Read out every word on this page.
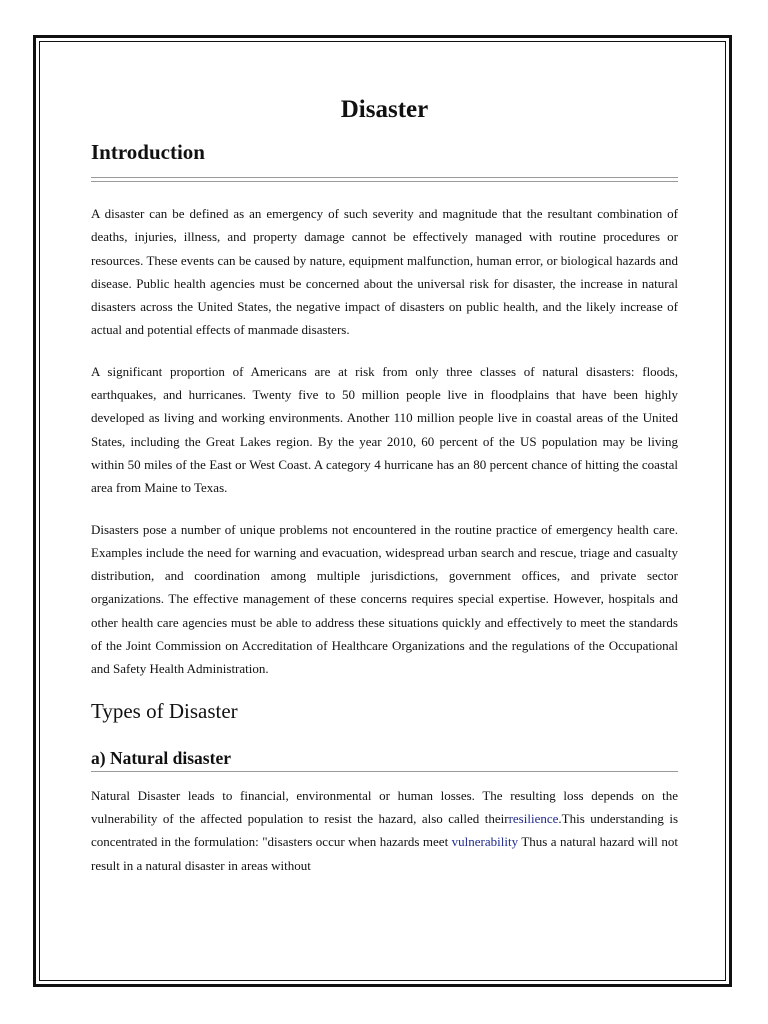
Disaster
Introduction

A disaster can be defined as an emergency of such severity and magnitude that the resultant combination of deaths, injuries, illness, and property damage cannot be effectively managed with routine procedures or resources. These events can be caused by nature, equipment malfunction, human error, or biological hazards and disease. Public health agencies must be concerned about the universal risk for disaster, the increase in natural disasters across the United States, the negative impact of disasters on public health, and the likely increase of actual and potential effects of manmade disasters.

A significant proportion of Americans are at risk from only three classes of natural disasters: floods, earthquakes, and hurricanes. Twenty five to 50 million people live in floodplains that have been highly developed as living and working environments. Another 110 million people live in coastal areas of the United States, including the Great Lakes region. By the year 2010, 60 percent of the US population may be living within 50 miles of the East or West Coast. A category 4 hurricane has an 80 percent chance of hitting the coastal area from Maine to Texas.

Disasters pose a number of unique problems not encountered in the routine practice of emergency health care. Examples include the need for warning and evacuation, widespread urban search and rescue, triage and casualty distribution, and coordination among multiple jurisdictions, government offices, and private sector organizations. The effective management of these concerns requires special expertise. However, hospitals and other health care agencies must be able to address these situations quickly and effectively to meet the standards of the Joint Commission on Accreditation of Healthcare Organizations and the regulations of the Occupational and Safety Health Administration.

Types of Disaster
a) Natural disaster

Natural Disaster leads to financial, environmental or human losses. The resulting loss depends on the vulnerability of the affected population to resist the hazard, also called theirresilience.This understanding is concentrated in the formulation: "disasters occur when hazards meet vulnerability Thus a natural hazard will not result in a natural disaster in areas without
